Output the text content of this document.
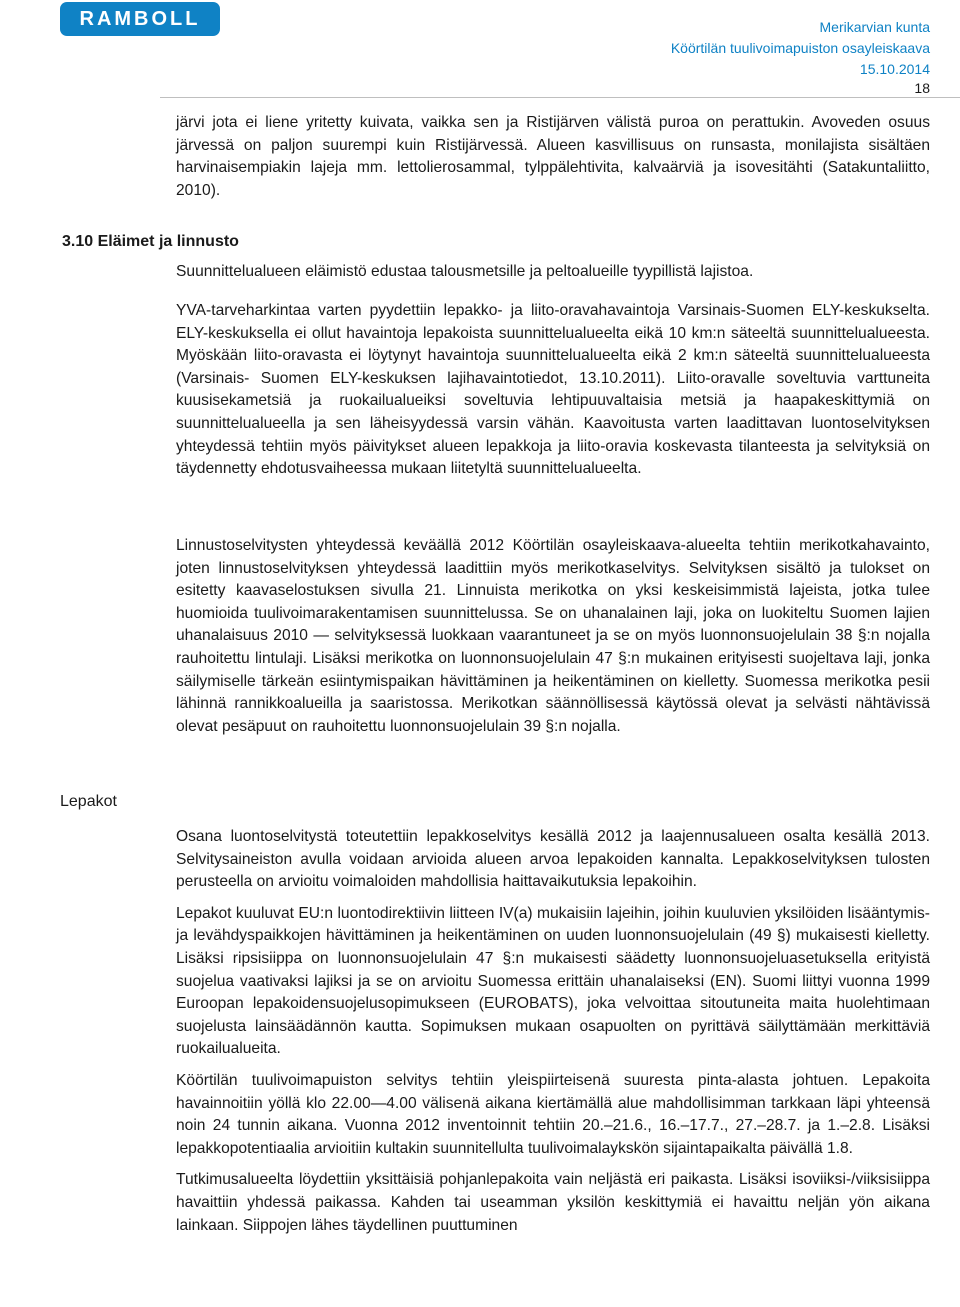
RAMBOLL	Merikarvian kunta
Köörtilän tuulivoimapuiston osayleiskaava
15.10.2014
18

järvi jota ei liene yritetty kuivata, vaikka sen ja Ristijärven välistä puroa on perattukin. Avoveden osuus järvessä on paljon suurempi kuin Ristijärvessä. Alueen kasvillisuus on runsasta, monilajista sisältäen harvinaisempiakin lajeja mm. lettolierosammal, tylppälehtivita, kalvaärviä ja isovesitähti (Satakuntaliitto, 2010).

3.10 Eläimet ja linnusto

Suunnittelualueen eläimistö edustaa talousmetsille ja peltoalueille tyypillistä lajistoa.

YVA-tarveharkintaa varten pyydettiin lepakko- ja liito-oravahavaintoja Varsinais-Suomen ELY-keskukselta. ELY-keskuksella ei ollut havaintoja lepakoista suunnittelualueelta eikä 10 km:n säteeltä suunnittelualueesta. Myöskään liito-oravasta ei löytynyt havaintoja suunnittelualueelta eikä 2 km:n säteeltä suunnittelualueesta (Varsinais- Suomen ELY-keskuksen lajihavaintotiedot, 13.10.2011). Liito-oravalle soveltuvia varttuneita kuusisekametsiä ja ruokailualueiksi soveltuvia lehtipuuvaltaisia metsiä ja haapakeskittymiä on suunnittelualueella ja sen läheisyydessä varsin vähän. Kaavoitusta varten laadittavan luontoselvityksen yhteydessä tehtiin myös päivitykset alueen lepakkoja ja liito-oravia koskevasta tilanteesta ja selvityksiä on täydennetty ehdotusvaiheessa mukaan liitetyltä suunnittelualueelta.

Linnustoselvitysten yhteydessä keväällä 2012 Köörtilän osayleiskaava-alueelta tehtiin merikotkahavainto, joten linnustoselvityksen yhteydessä laadittiin myös merikotkaselvitys. Selvityksen sisältö ja tulokset on esitetty kaavaselostuksen sivulla 21. Linnuista merikotka on yksi keskeisimmistä lajeista, jotka tulee huomioida tuulivoimarakentamisen suunnittelussa. Se on uhanalainen laji, joka on luokiteltu Suomen lajien uhanalaisuus 2010 — selvityksessä luokkaan vaarantuneet ja se on myös luonnonsuojelulain 38 §:n nojalla rauhoitettu lintulaji. Lisäksi merikotka on luonnonsuojelulain 47 §:n mukainen erityisesti suojeltava laji, jonka säilymiselle tärkeän esiintymispaikan hävittäminen ja heikentäminen on kielletty. Suomessa merikotka pesii lähinnä rannikkoalueilla ja saaristossa. Merikotkan säännöllisessä käytössä olevat ja selvästi nähtävissä olevat pesäpuut on rauhoitettu luonnonsuojelulain 39 §:n nojalla.

Lepakot

Osana luontoselvitystä toteutettiin lepakkoselvitys kesällä 2012 ja laajennusalueen osalta kesällä 2013. Selvitysaineiston avulla voidaan arvioida alueen arvoa lepakoiden kannalta. Lepakkoselvityksen tulosten perusteella on arvioitu voimaloiden mahdollisia haittavaikutuksia lepakoihin.

Lepakot kuuluvat EU:n luontodirektiivin liitteen IV(a) mukaisiin lajeihin, joihin kuuluvien yksilöiden lisääntymis- ja levähdyspaikkojen hävittäminen ja heikentäminen on uuden luonnonsuojelulain (49 §) mukaisesti kielletty. Lisäksi ripsisiippa on luonnonsuojelulain 47 §:n mukaisesti säädetty luonnonsuojeluasetuksella erityistä suojelua vaativaksi lajiksi ja se on arvioitu Suomessa erittäin uhanalaiseksi (EN). Suomi liittyi vuonna 1999 Euroopan lepakoidensuojelusopimukseen (EUROBATS), joka velvoittaa sitoutuneita maita huolehtimaan suojelusta lainsäädännön kautta. Sopimuksen mukaan osapuolten on pyrittävä säilyttämään merkittäviä ruokailualueita.

Köörtilän tuulivoimapuiston selvitys tehtiin yleispiirteisenä suuresta pinta-alasta johtuen. Lepakoita havainnoitiin yöllä klo 22.00—4.00 välisenä aikana kiertämällä alue mahdollisimman tarkkaan läpi yhteensä noin 24 tunnin aikana. Vuonna 2012 inventoinnit tehtiin 20.–21.6., 16.–17.7., 27.–28.7. ja 1.–2.8. Lisäksi lepakkopotentiaalia arvioitiin kultakin suunnitellulta tuulivoimalaykskön sijaintapaikalta päivällä 1.8.

Tutkimusalueelta löydettiin yksittäisiä pohjanlepakoita vain neljästä eri paikasta. Lisäksi isoviiksi-/viiksisiippa havaittiin yhdessä paikassa. Kahden tai useamman yksilön keskittymiä ei havaittu neljän yön aikana lainkaan. Siippojen lähes täydellinen puuttuminen
